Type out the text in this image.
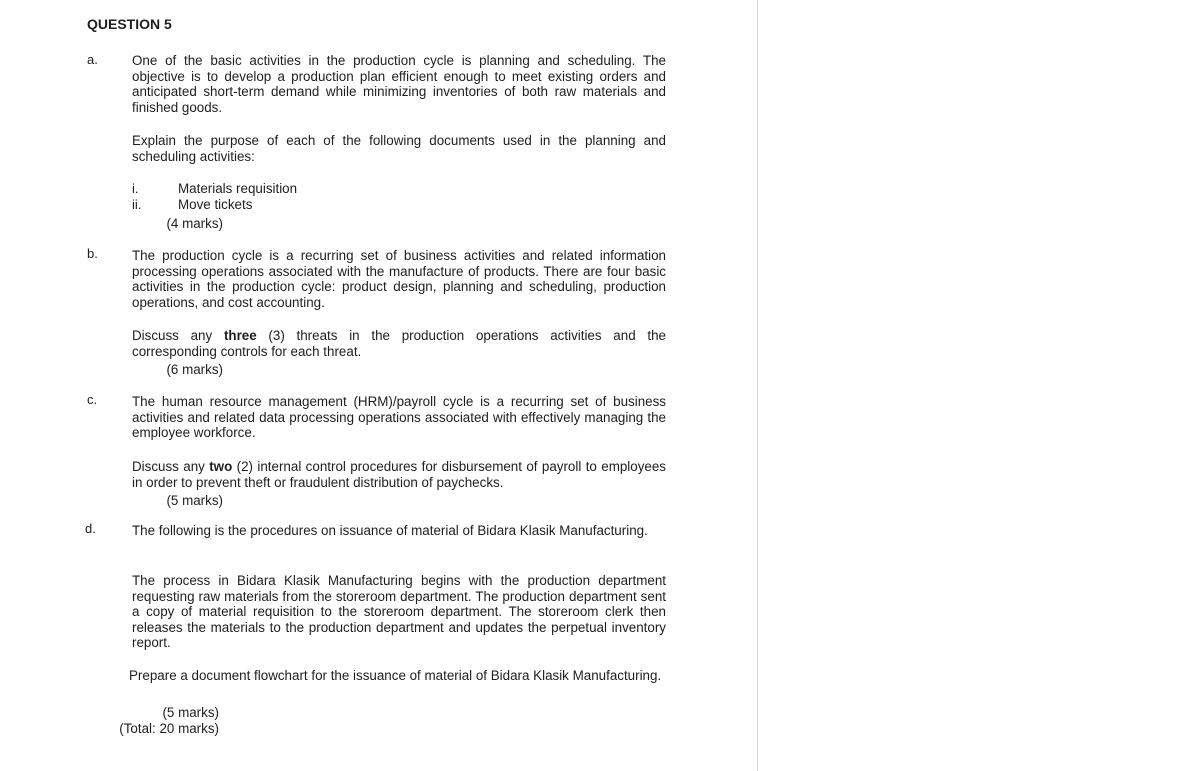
QUESTION 5
a.	One of the basic activities in the production cycle is planning and scheduling. The objective is to develop a production plan efficient enough to meet existing orders and anticipated short-term demand while minimizing inventories of both raw materials and finished goods.

Explain the purpose of each of the following documents used in the planning and scheduling activities:

i.	Materials requisition
ii.	Move tickets
(4 marks)
b.	The production cycle is a recurring set of business activities and related information processing operations associated with the manufacture of products. There are four basic activities in the production cycle: product design, planning and scheduling, production operations, and cost accounting.

Discuss any three (3) threats in the production operations activities and the corresponding controls for each threat.

(6 marks)
c.	The human resource management (HRM)/payroll cycle is a recurring set of business activities and related data processing operations associated with effectively managing the employee workforce.

Discuss any two (2) internal control procedures for disbursement of payroll to employees in order to prevent theft or fraudulent distribution of paychecks.

(5 marks)
d.	The following is the procedures on issuance of material of Bidara Klasik Manufacturing.

The process in Bidara Klasik Manufacturing begins with the production department requesting raw materials from the storeroom department. The production department sent a copy of material requisition to the storeroom department. The storeroom clerk then releases the materials to the production department and updates the perpetual inventory report.

Prepare a document flowchart for the issuance of material of Bidara Klasik Manufacturing.

(5 marks)
(Total: 20 marks)
